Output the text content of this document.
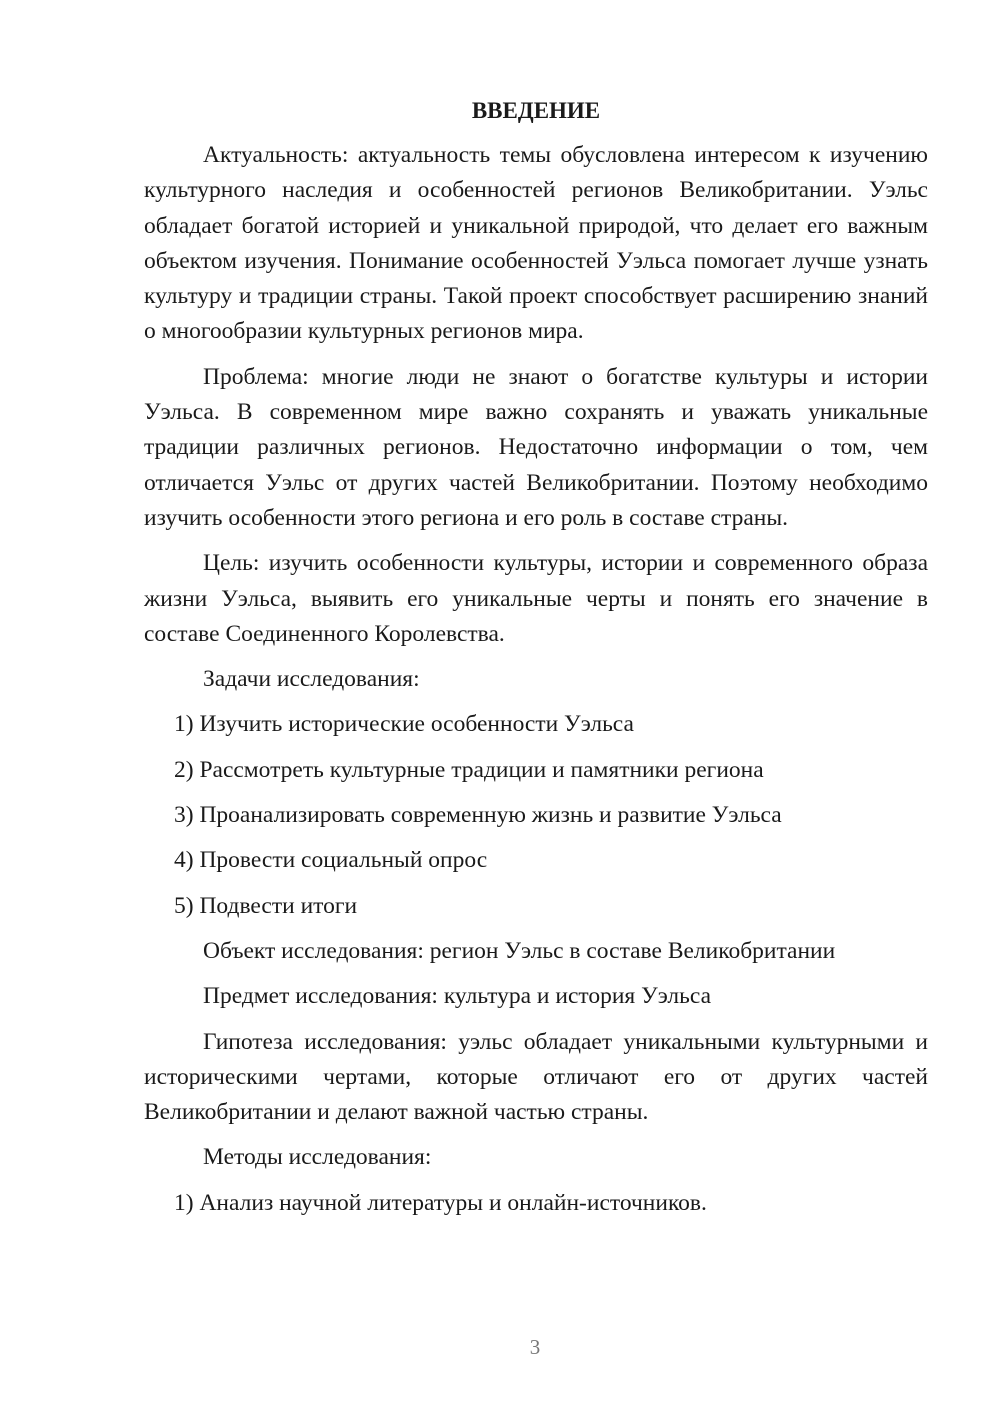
ВВЕДЕНИЕ

Актуальность: актуальность темы обусловлена интересом к изучению культурного наследия и особенностей регионов Великобритании. Уэльс обладает богатой историей и уникальной природой, что делает его важным объектом изучения. Понимание особенностей Уэльса помогает лучше узнать культуру и традиции страны. Такой проект способствует расширению знаний о многообразии культурных регионов мира.

Проблема: многие люди не знают о богатстве культуры и истории Уэльса. В современном мире важно сохранять и уважать уникальные традиции различных регионов. Недостаточно информации о том, чем отличается Уэльс от других частей Великобритании. Поэтому необходимо изучить особенности этого региона и его роль в составе страны.

Цель: изучить особенности культуры, истории и современного образа жизни Уэльса, выявить его уникальные черты и понять его значение в составе Соединенного Королевства.

Задачи исследования:

1) Изучить исторические особенности Уэльса

2) Рассмотреть культурные традиции и памятники региона

3) Проанализировать современную жизнь и развитие Уэльса

4) Провести социальный опрос

5) Подвести итоги

Объект исследования: регион Уэльс в составе Великобритании

Предмет исследования: культура и история Уэльса

Гипотеза исследования: уэльс обладает уникальными культурными и историческими чертами, которые отличают его от других частей Великобритании и делают важной частью страны.

Методы исследования:

1) Анализ научной литературы и онлайн-источников.

3
